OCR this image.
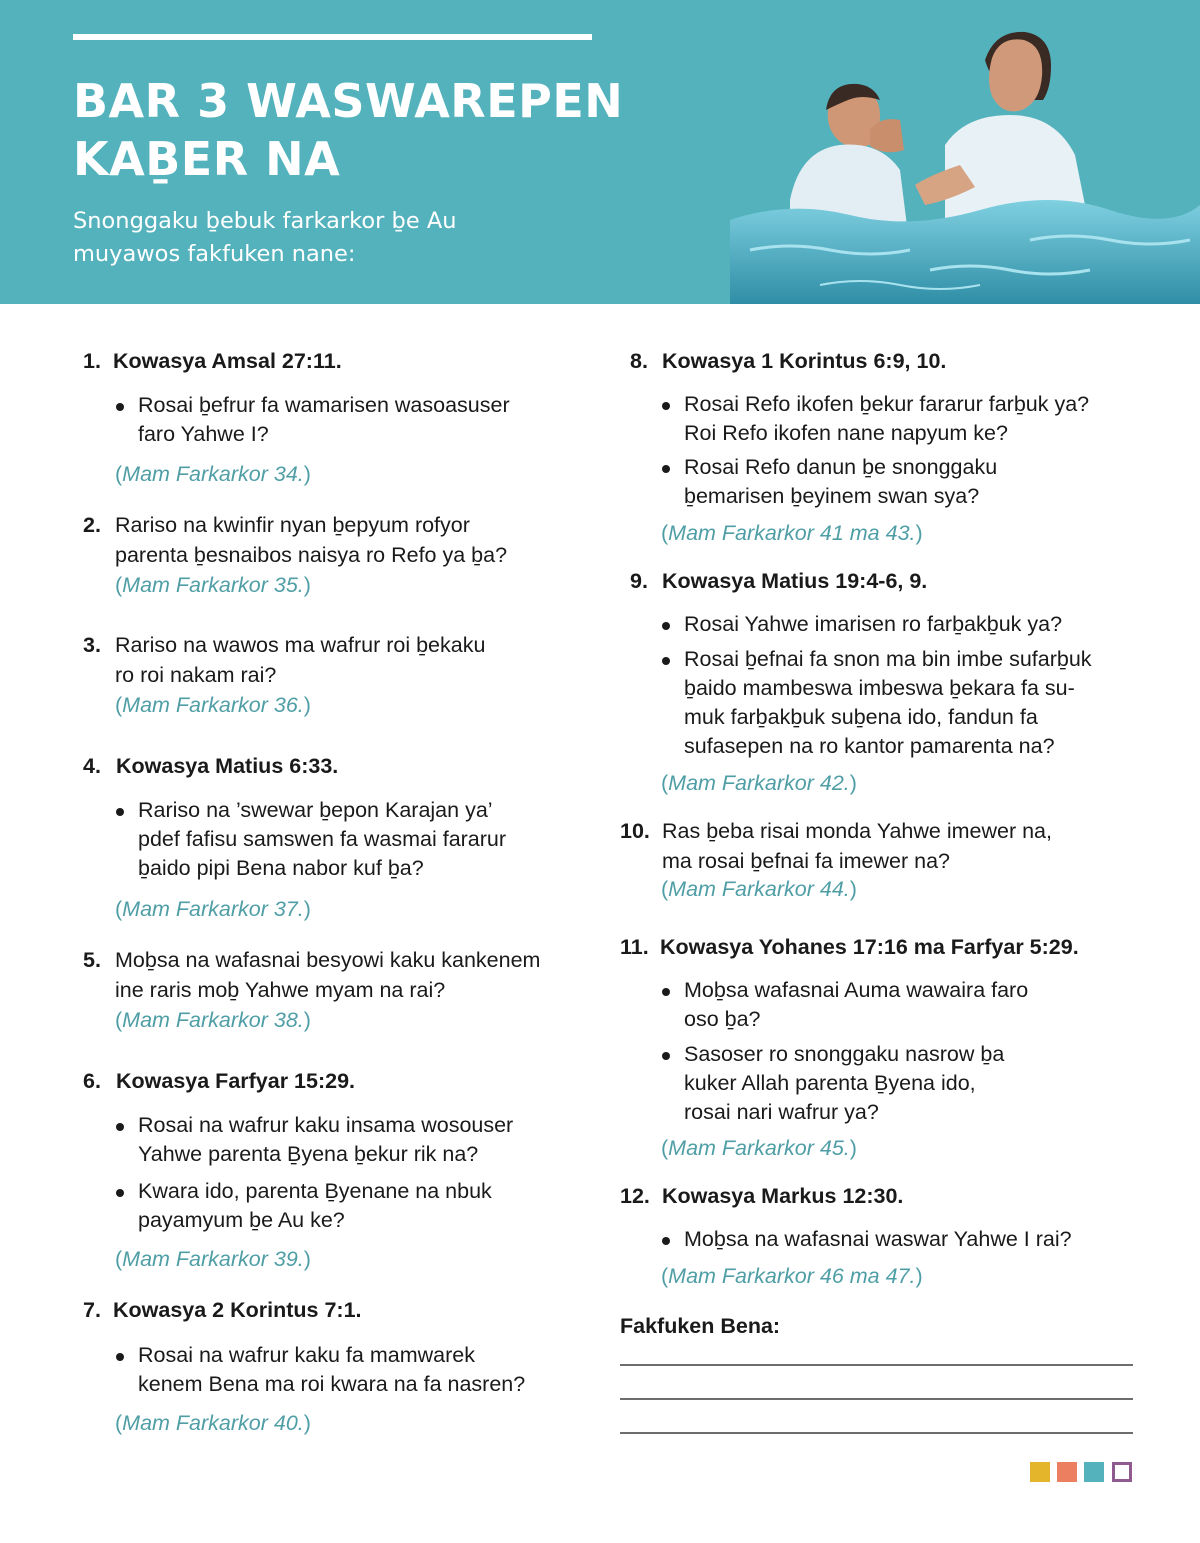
BAR 3 WASWAREPEN
KAḆER NA
Snonggaku ḇebuk farkarkor ḇe Au
muyawos fakfuken nane:
1. Kowasya Amsal 27:11.
Rosai ḇefrur fa wamarisen wasoasuser
faro Yahwe I?
(Mam Farkarkor 34.)
2. Rariso na kwinfir nyan ḇepyum rofyor
parenta ḇesnaibos naisya ro Refo ya ḇa?
(Mam Farkarkor 35.)
3. Rariso na wawos ma wafrur roi ḇekaku
ro roi nakam rai?
(Mam Farkarkor 36.)
4. Kowasya Matius 6:33.
Rariso na ’swewar ḇepon Karajan ya’
pdef fafisu samswen fa wasmai fararur
ḇaido pipi Bena nabor kuf ḇa?
(Mam Farkarkor 37.)
5. Moḇsa na wafasnai besyowi kaku kankenem
ine raris moḇ Yahwe myam na rai?
(Mam Farkarkor 38.)
6. Kowasya Farfyar 15:29.
Rosai na wafrur kaku insama wosouser
Yahwe parenta Ḇyena ḇekur rik na?
Kwara ido, parenta Ḇyenane na nbuk
payamyum ḇe Au ke?
(Mam Farkarkor 39.)
7. Kowasya 2 Korintus 7:1.
Rosai na wafrur kaku fa mamwarek
kenem Bena ma roi kwara na fa nasren?
(Mam Farkarkor 40.)
8. Kowasya 1 Korintus 6:9, 10.
Rosai Refo ikofen ḇekur fararur farḇuk ya?
Roi Refo ikofen nane napyum ke?
Rosai Refo danun ḇe snonggaku
ḇemarisen ḇeyinem swan sya?
(Mam Farkarkor 41 ma 43.)
9. Kowasya Matius 19:4-6, 9.
Rosai Yahwe imarisen ro farḇakḇuk ya?
Rosai ḇefnai fa snon ma bin imbe sufarḇuk
ḇaido mambeswa imbeswa ḇekara fa su-
muk farḇakḇuk suḇena ido, fandun fa
sufasepen na ro kantor pamarenta na?
(Mam Farkarkor 42.)
10. Ras ḇeba risai monda Yahwe imewer na,
ma rosai ḇefnai fa imewer na?
(Mam Farkarkor 44.)
11. Kowasya Yohanes 17:16 ma Farfyar 5:29.
Moḇsa wafasnai Auma wawaira faro
oso ḇa?
Sasoser ro snonggaku nasrow ḇa
kuker Allah parenta Ḇyena ido,
rosai nari wafrur ya?
(Mam Farkarkor 45.)
12. Kowasya Markus 12:30.
Moḇsa na wafasnai waswar Yahwe I rai?
(Mam Farkarkor 46 ma 47.)
Fakfuken Bena:
